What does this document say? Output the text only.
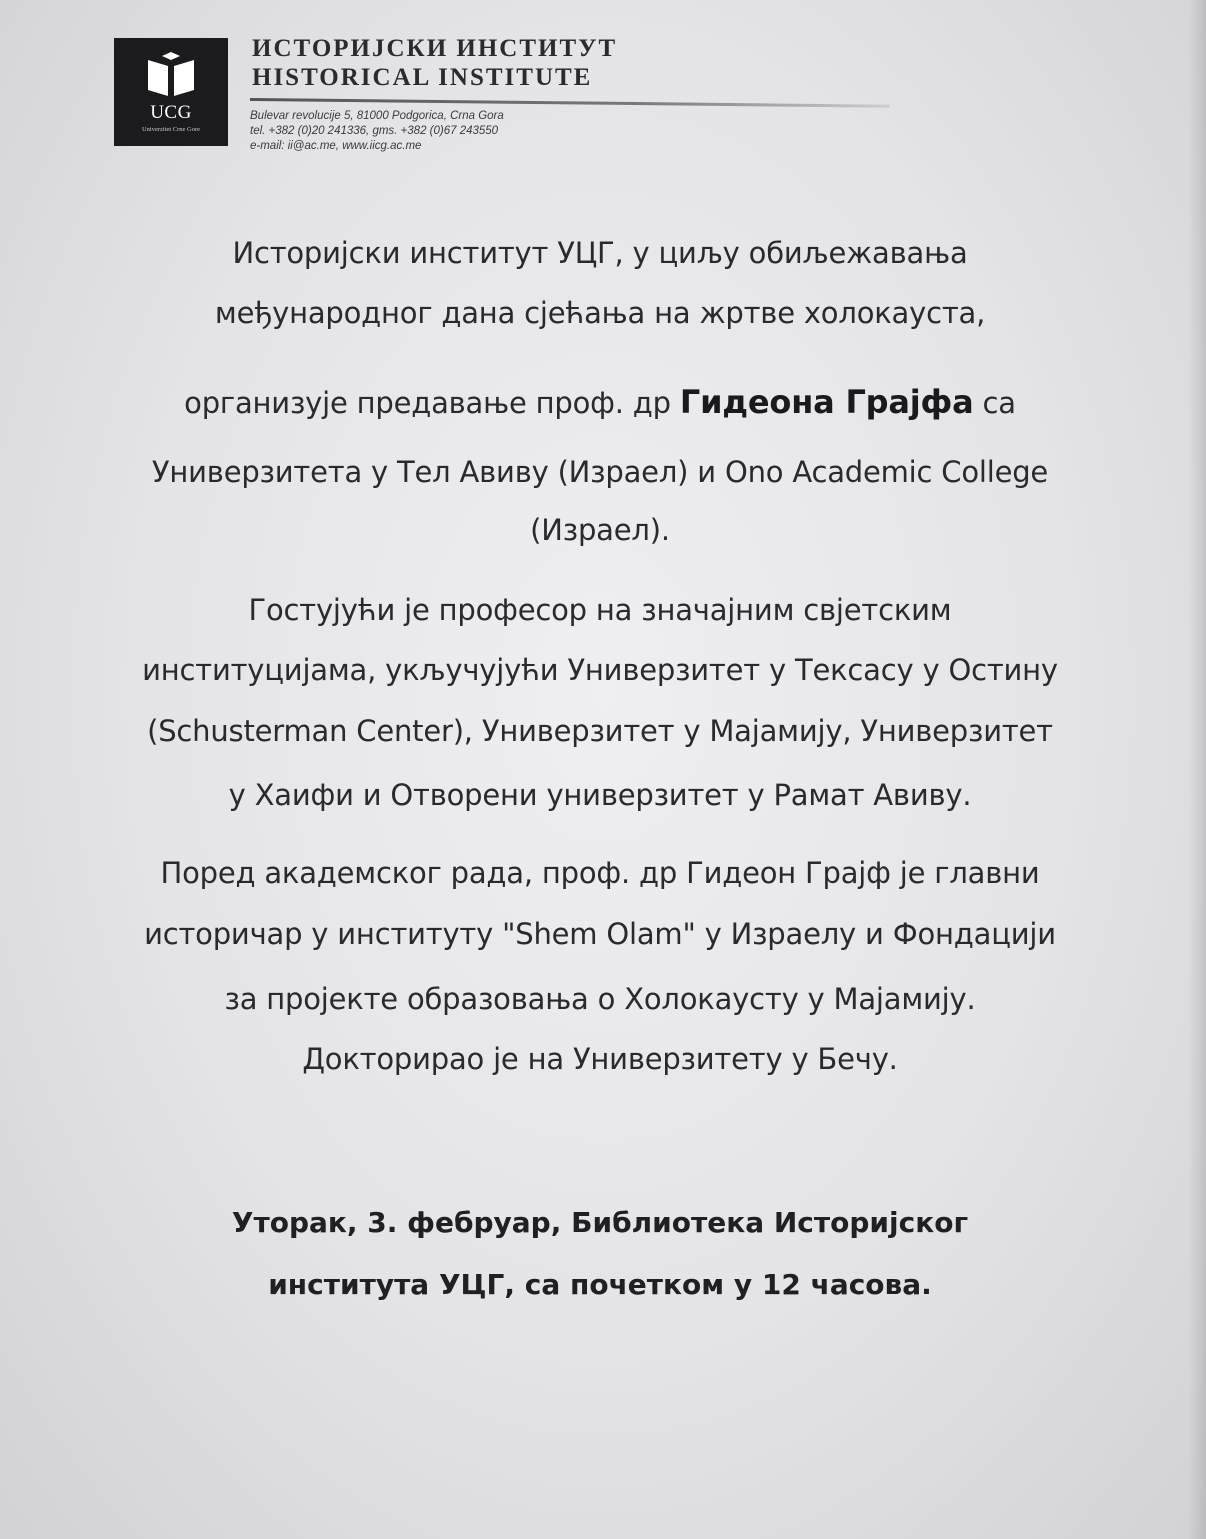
UCG
Univerzitet Crne Gore
ИСТОРИЈСКИ ИНСТИТУТ
HISTORICAL INSTITUTE
Bulevar revolucije 5, 81000 Podgorica, Crna Gora
tel. +382 (0)20 241336, gms. +382 (0)67 243550
e-mail: ii@ac.me, www.iicg.ac.me
Историјски институт УЦГ, у циљу обиљежавања
међународног дана сјећања на жртве холокауста,
организује предавање проф. др Гидеона Грајфа са
Универзитета у Тел Авиву (Израел) и Ono Academic College
(Израел).
Гостујући је професор на значајним свјетским
институцијама, укључујући Универзитет у Тексасу у Остину
(Schusterman Center), Универзитет у Мајамију, Универзитет
у Хаифи и Отворени универзитет у Рамат Авиву.
Поред академског рада, проф. др Гидеон Грајф је главни
историчар у институту "Shem Olam" у Израелу и Фондацији
за пројекте образовања о Холокаусту у Мајамију.
Докторирао је на Универзитету у Бечу.
Уторак, 3. фебруар, Библиотека Историјског
института УЦГ, са почетком у 12 часова.
